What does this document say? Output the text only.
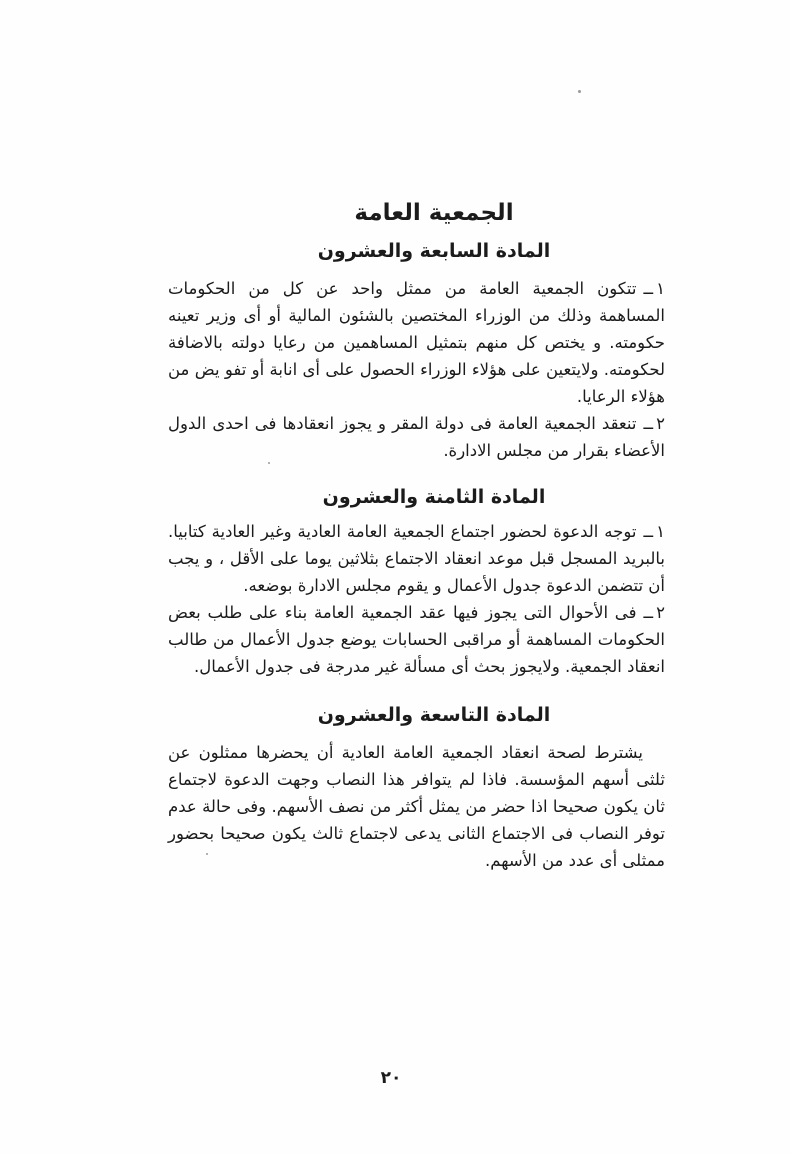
الجمعية العامة
المادة السابعة والعشرون

١ــتتكون الجمعية العامة من ممثل واحد عن كل من الحكومات المساهمة وذلك من الوزراء المختصين بالشئون المالية أو أى وزير تعينه حكومته. و يختص كل منهم بتمثيل المساهمين من رعايا دولته بالاضافة لحكومته. ولايتعين على هؤلاء الوزراء الحصول على أى انابة أو تفو يض من هؤلاء الرعايا.

٢ــتنعقد الجمعية العامة فى دولة المقر و يجوز انعقادها فى احدى الدول الأعضاء بقرار من مجلس الادارة.

المادة الثامنة والعشرون

١ــتوجه الدعوة لحضور اجتماع الجمعية العامة العادية وغير العادية كتابيا. بالبريد المسجل قبل موعد انعقاد الاجتماع بثلاثين يوما على الأقل ، و يجب أن تتضمن الدعوة جدول الأعمال و يقوم مجلس الادارة بوضعه.

٢ــفى الأحوال التى يجوز فيها عقد الجمعية العامة بناء على طلب بعض الحكومات المساهمة أو مراقبى الحسابات يوضع جدول الأعمال من طالب انعقاد الجمعية. ولايجوز بحث أى مسألة غير مدرجة فى جدول الأعمال.

المادة التاسعة والعشرون

يشترط لصحة انعقاد الجمعية العامة العادية أن يحضرها ممثلون عن ثلثى أسهم المؤسسة. فاذا لم يتوافر هذا النصاب وجهت الدعوة لاجتماع ثان يكون صحيحا اذا حضر من يمثل أكثر من نصف الأسهم. وفى حالة عدم توفر النصاب فى الاجتماع الثانى يدعى لاجتماع ثالث يكون صحيحا بحضور ممثلى أى عدد من الأسهم.

٢٠
